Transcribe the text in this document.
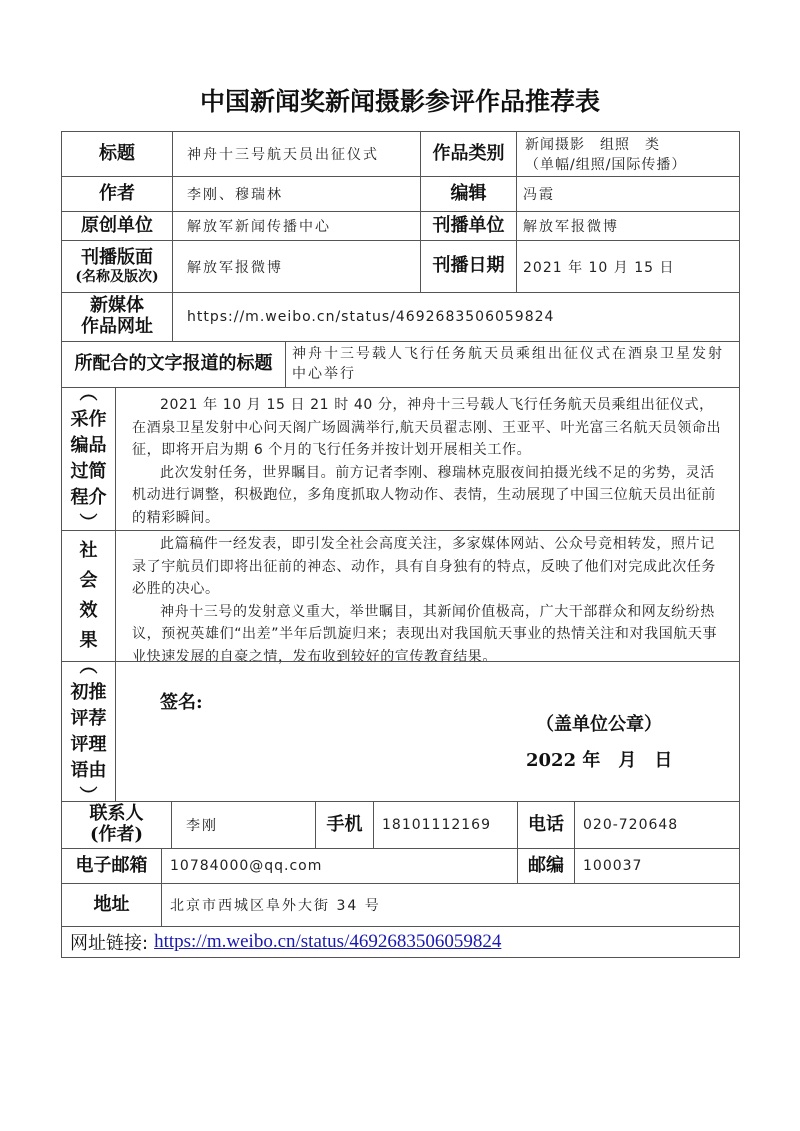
中国新闻奖新闻摄影参评作品推荐表
标题	神舟十三号航天员出征仪式	作品类别	新闻摄影　组照　类
（单幅/组照/国际传播）
作者	李刚、穆瑞林	编辑	冯霞
原创单位	解放军新闻传播中心	刊播单位	解放军报微博
刊播版面
(名称及版次)
解放军报微博	刊播日期	2021 年 10 月 15 日
新媒体
作品网址	https://m.weibo.cn/status/4692683506059824
所配合的文字报道的标题	神舟十三号载人飞行任务航天员乘组出征仪式在酒泉卫星发射中心举行
︵
采作
编品
过简
程介
︶

2021 年 10 月 15 日 21 时 40 分，神舟十三号载人飞行任务航天员乘组出征仪式，在酒泉卫星发射中心问天阁广场圆满举行,航天员翟志刚、王亚平、叶光富三名航天员领命出征，即将开启为期 6 个月的飞行任务并按计划开展相关工作。

此次发射任务，世界瞩目。前方记者李刚、穆瑞林克服夜间拍摄光线不足的劣势，灵活机动进行调整，积极跑位，多角度抓取人物动作、表情，生动展现了中国三位航天员出征前的精彩瞬间。

社
会
效
果

此篇稿件一经发表，即引发全社会高度关注，多家媒体网站、公众号竞相转发，照片记录了宇航员们即将出征前的神态、动作，具有自身独有的特点，反映了他们对完成此次任务必胜的决心。

神舟十三号的发射意义重大，举世瞩目，其新闻价值极高，广大干部群众和网友纷纷热议，预祝英雄们“出差”半年后凯旋归来；表现出对我国航天事业的热情关注和对我国航天事业快速发展的自豪之情，发布收到较好的宣传教育结果。

︵
初推
评荐
评理
语由
︶
签名:
（盖单位公章）
2022 年　月　日
联系人
(作者)	李刚	手机	18101112169	电话	020-720648
电子邮箱	10784000@qq.com	邮编	100037
地址	北京市西城区阜外大街 34 号
网址链接: https://m.weibo.cn/status/4692683506059824
